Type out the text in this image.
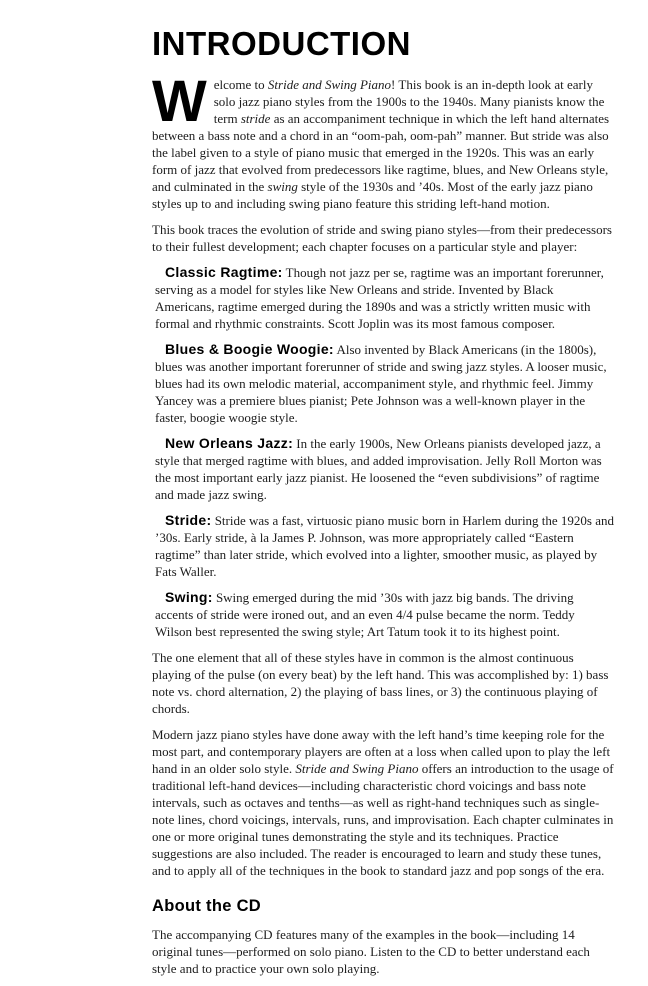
INTRODUCTION

Welcome to Stride and Swing Piano! This book is an in-depth look at early solo jazz piano styles from the 1900s to the 1940s. Many pianists know the term stride as an accompaniment technique in which the left hand alternates between a bass note and a chord in an “oom-pah, oom-pah” manner. But stride was also the label given to a style of piano music that emerged in the 1920s. This was an early form of jazz that evolved from predecessors like ragtime, blues, and New Orleans style, and culminated in the swing style of the 1930s and ’40s. Most of the early jazz piano styles up to and including swing piano feature this striding left-hand motion.

This book traces the evolution of stride and swing piano styles—from their predecessors to their fullest development; each chapter focuses on a particular style and player:

Classic Ragtime: Though not jazz per se, ragtime was an important forerunner, serving as a model for styles like New Orleans and stride. Invented by Black Americans, ragtime emerged during the 1890s and was a strictly written music with formal and rhythmic constraints. Scott Joplin was its most famous composer.

Blues & Boogie Woogie: Also invented by Black Americans (in the 1800s), blues was another important forerunner of stride and swing jazz styles. A looser music, blues had its own melodic material, accompaniment style, and rhythmic feel. Jimmy Yancey was a premiere blues pianist; Pete Johnson was a well-known player in the faster, boogie woogie style.

New Orleans Jazz: In the early 1900s, New Orleans pianists developed jazz, a style that merged ragtime with blues, and added improvisation. Jelly Roll Morton was the most important early jazz pianist. He loosened the “even subdivisions” of ragtime and made jazz swing.

Stride: Stride was a fast, virtuosic piano music born in Harlem during the 1920s and ’30s. Early stride, à la James P. Johnson, was more appropriately called “Eastern ragtime” than later stride, which evolved into a lighter, smoother music, as played by Fats Waller.

Swing: Swing emerged during the mid ’30s with jazz big bands. The driving accents of stride were ironed out, and an even 4/4 pulse became the norm. Teddy Wilson best represented the swing style; Art Tatum took it to its highest point.

The one element that all of these styles have in common is the almost continuous playing of the pulse (on every beat) by the left hand. This was accomplished by: 1) bass note vs. chord alternation, 2) the playing of bass lines, or 3) the continuous playing of chords.

Modern jazz piano styles have done away with the left hand’s time keeping role for the most part, and contemporary players are often at a loss when called upon to play the left hand in an older solo style. Stride and Swing Piano offers an introduction to the usage of traditional left-hand devices—including characteristic chord voicings and bass note intervals, such as octaves and tenths—as well as right-hand techniques such as single-note lines, chord voicings, intervals, runs, and improvisation. Each chapter culminates in one or more original tunes demonstrating the style and its techniques. Practice suggestions are also included. The reader is encouraged to learn and study these tunes, and to apply all of the techniques in the book to standard jazz and pop songs of the era.

About the CD

The accompanying CD features many of the examples in the book—including 14 original tunes—performed on solo piano. Listen to the CD to better understand each style and to practice your own solo playing.
